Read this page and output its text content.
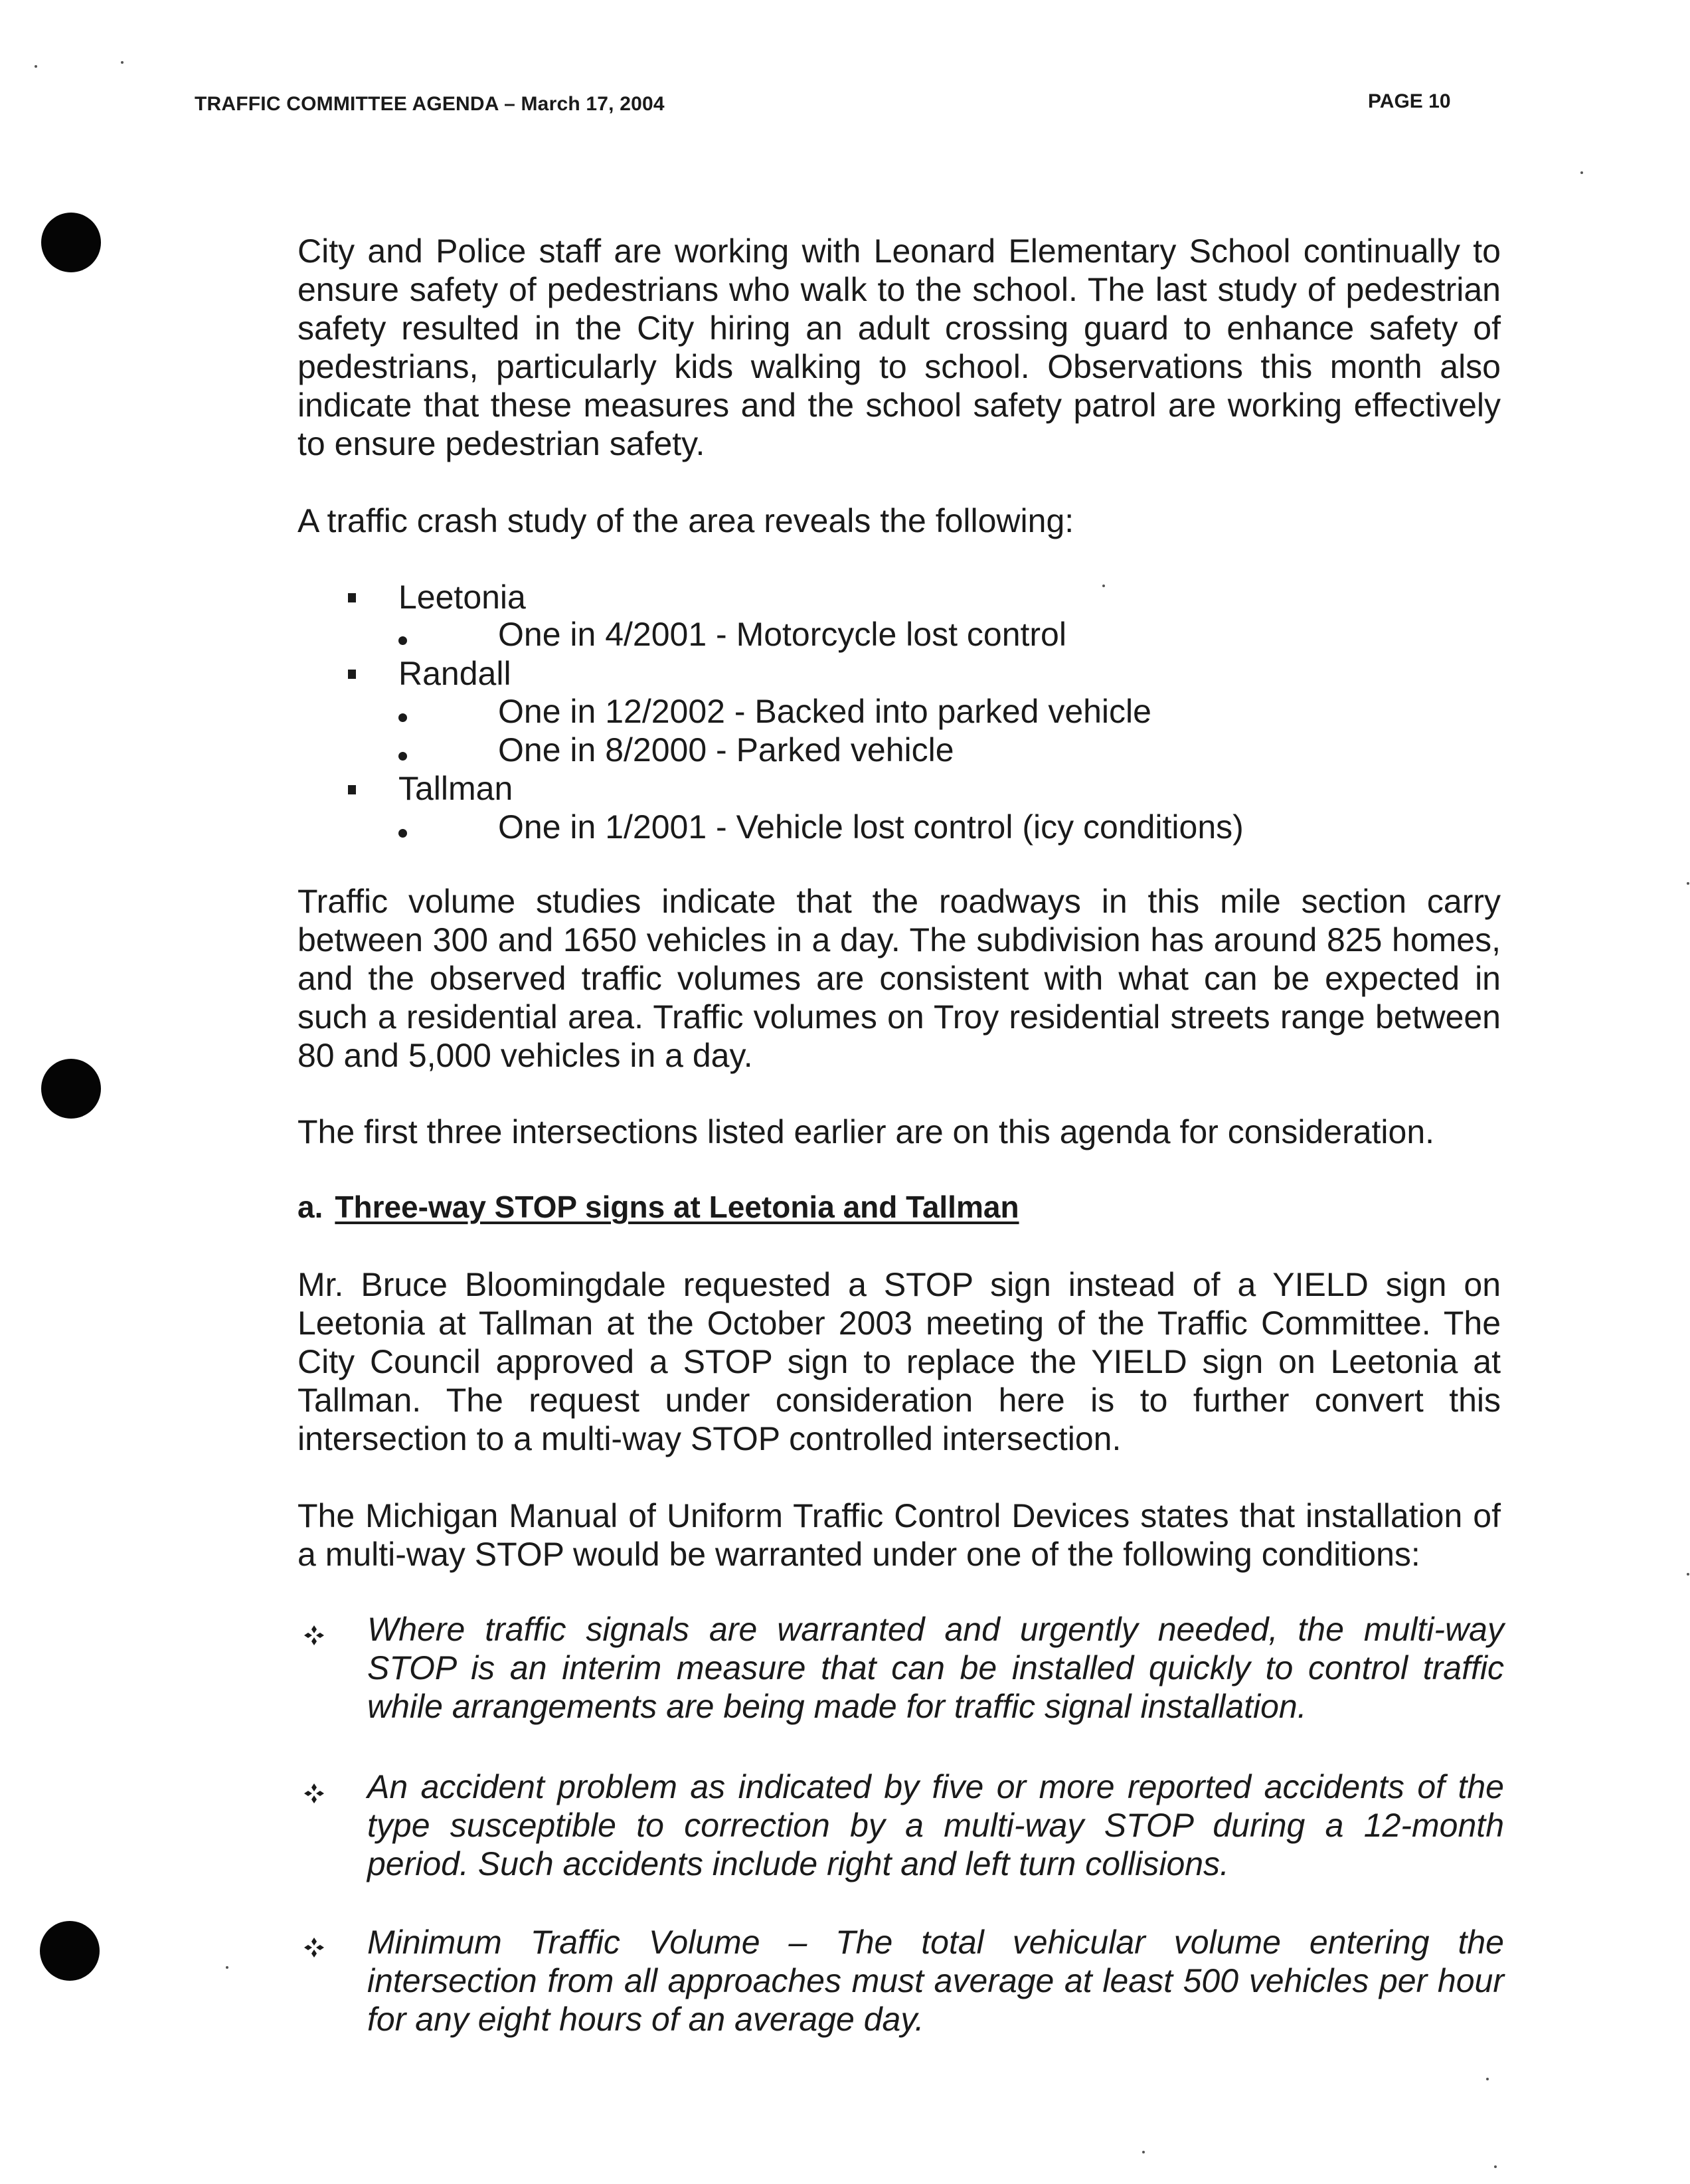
TRAFFIC COMMITTEE AGENDA – March 17, 2004	PAGE 10

City and Police staff are working with Leonard Elementary School continually to ensure safety of pedestrians who walk to the school. The last study of pedestrian safety resulted in the City hiring an adult crossing guard to enhance safety of pedestrians, particularly kids walking to school. Observations this month also indicate that these measures and the school safety patrol are working effectively to ensure pedestrian safety.

A traffic crash study of the area reveals the following:

Leetonia
One in 4/2001 - Motorcycle lost control
Randall
One in 12/2002 - Backed into parked vehicle
One in 8/2000 - Parked vehicle
Tallman
One in 1/2001 - Vehicle lost control (icy conditions)

Traffic volume studies indicate that the roadways in this mile section carry between 300 and 1650 vehicles in a day. The subdivision has around 825 homes, and the observed traffic volumes are consistent with what can be expected in such a residential area. Traffic volumes on Troy residential streets range between 80 and 5,000 vehicles in a day.

The first three intersections listed earlier are on this agenda for consideration.

a. Three-way STOP signs at Leetonia and Tallman

Mr. Bruce Bloomingdale requested a STOP sign instead of a YIELD sign on Leetonia at Tallman at the October 2003 meeting of the Traffic Committee. The City Council approved a STOP sign to replace the YIELD sign on Leetonia at Tallman. The request under consideration here is to further convert this intersection to a multi-way STOP controlled intersection.

The Michigan Manual of Uniform Traffic Control Devices states that installation of a multi-way STOP would be warranted under one of the following conditions:

Where traffic signals are warranted and urgently needed, the multi-way STOP is an interim measure that can be installed quickly to control traffic while arrangements are being made for traffic signal installation.

An accident problem as indicated by five or more reported accidents of the type susceptible to correction by a multi-way STOP during a 12-month period. Such accidents include right and left turn collisions.

Minimum Traffic Volume – The total vehicular volume entering the intersection from all approaches must average at least 500 vehicles per hour for any eight hours of an average day.
